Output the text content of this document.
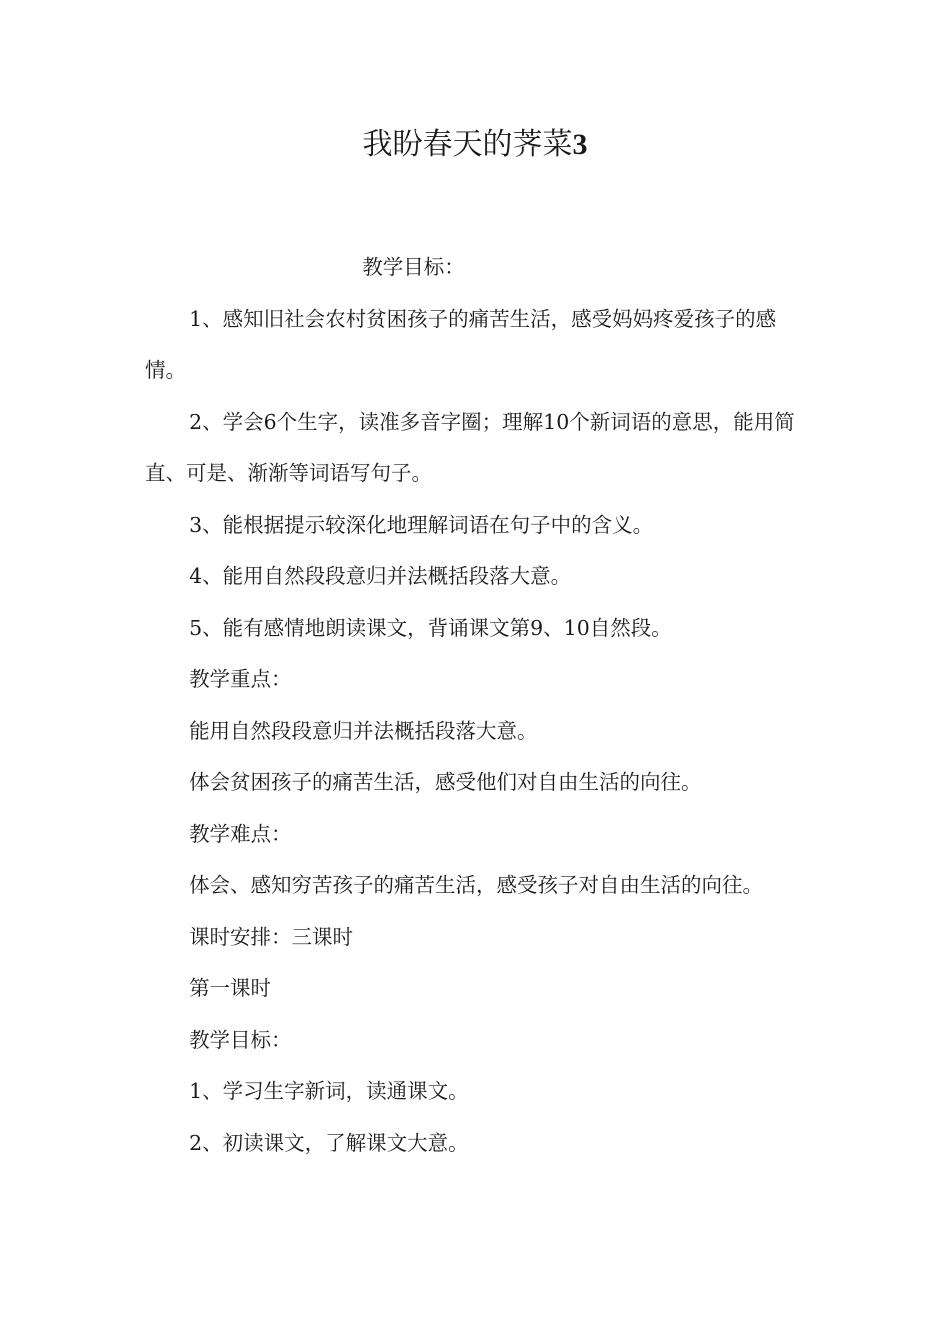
我盼春天的荠菜3

教学目标：

1、感知旧社会农村贫困孩子的痛苦生活，感受妈妈疼爱孩子的感情。

2、学会6个生字，读准多音字圈；理解10个新词语的意思，能用简直、可是、渐渐等词语写句子。

3、能根据提示较深化地理解词语在句子中的含义。

4、能用自然段段意归并法概括段落大意。

5、能有感情地朗读课文，背诵课文第9、10自然段。

教学重点：

能用自然段段意归并法概括段落大意。

体会贫困孩子的痛苦生活，感受他们对自由生活的向往。

教学难点：

体会、感知穷苦孩子的痛苦生活，感受孩子对自由生活的向往。

课时安排：三课时

第一课时

教学目标：

1、学习生字新词，读通课文。

2、初读课文，了解课文大意。
